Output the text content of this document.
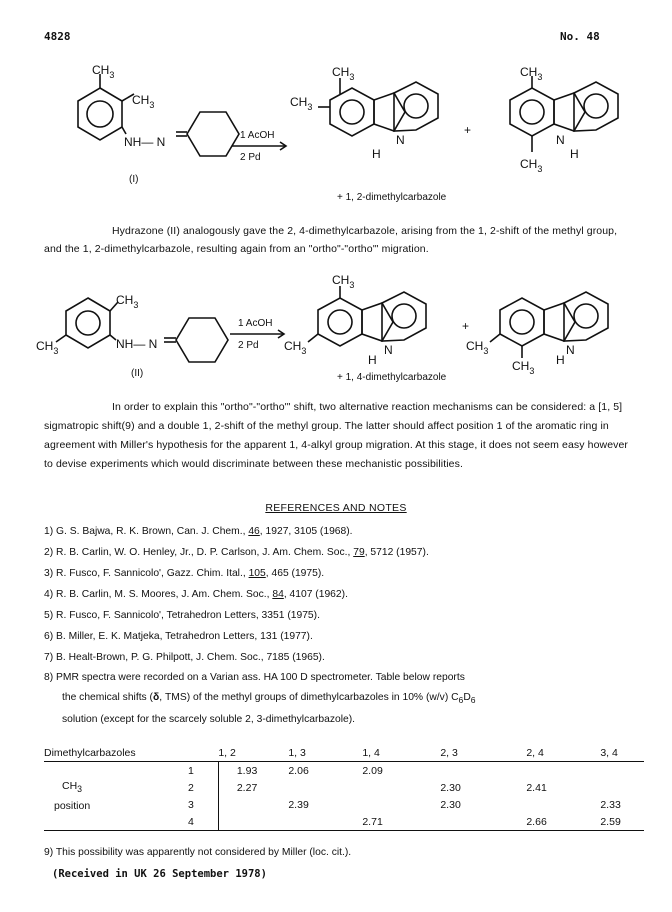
4828	No. 48
$CH_3$
$CH_3$
NH— N
$CH_3$
$CH_3$
N
H
$CH_3$
N
H
$CH_3$
1 AcOH
2 Pd
+
(I)
+ 1, 2-dimethylcarbazole
Hydrazone (II) analogously gave the 2, 4-dimethylcarbazole, arising from the 1, 2-shift of the methyl group, and the 1, 2-dimethylcarbazole, resulting again from an "ortho"-"ortho'" migration.
$CH_3$
$CH_3$	NH— N
$CH_3$
$CH_3$	N
H
$CH_3$	N
H
$CH_3$
1 AcOH
2 Pd
+
(II)	+ 1, 4-dimethylcarbazole
In order to explain this "ortho"-"ortho'" shift, two alternative reaction mechanisms can be considered: a [1, 5] sigmatropic shift(9) and a double 1, 2-shift of the methyl group. The latter should affect position 1 of the aromatic ring in agreement with Miller's hypothesis for the apparent 1, 4-alkyl group migration. At this stage, it does not seem easy however to devise experiments which would discriminate between these mechanistic possibilities.
REFERENCES AND NOTES
1) G. S. Bajwa, R. K. Brown, Can. J. Chem., 46, 1927, 3105 (1968).
2) R. B. Carlin, W. O. Henley, Jr., D. P. Carlson, J. Am. Chem. Soc., 79, 5712 (1957).
3) R. Fusco, F. Sannicolo', Gazz. Chim. Ital., 105, 465 (1975).
4) R. B. Carlin, M. S. Moores, J. Am. Chem. Soc., 84, 4107 (1962).
5) R. Fusco, F. Sannicolo', Tetrahedron Letters, 3351 (1975).
6) B. Miller, E. K. Matjeka, Tetrahedron Letters, 131 (1977).
7) B. Healt-Brown, P. G. Philpott, J. Chem. Soc., 7185 (1965).
8) PMR spectra were recorded on a Varian ass. HA 100 D spectrometer. Table below reports
the chemical shifts (δ, TMS) of the methyl groups of dimethylcarbazoles in 10% (w/v) $C_6D_6$
solution (except for the scarcely soluble 2, 3-dimethylcarbazole).
Dimethylcarbazoles		1, 2	1, 3	1, 4	2, 3	2, 4	3, 4

$CH_3$
position	1	1.93	2.06	2.09			
	2	2.27			2.30	2.41	
	3		2.39		2.30		2.33
	4			2.71		2.66	2.59
9) This possibility was apparently not considered by Miller (loc. cit.).
(Received in UK 26 September 1978)
